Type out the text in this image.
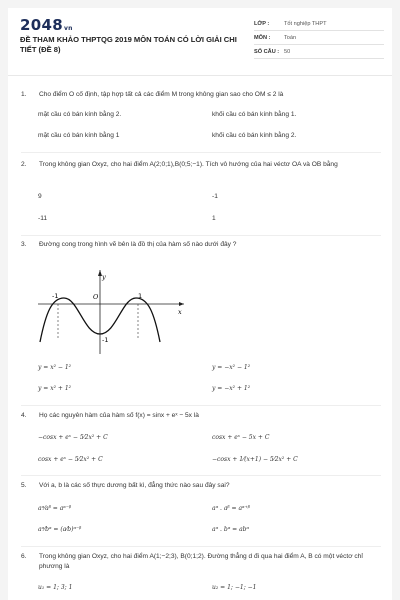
2048vn
ĐỀ THAM KHẢO THPTQG 2019 MÔN TOÁN CÓ LỜI GIẢI CHI TIẾT (ĐỀ 8)
LỚP :	Tốt nghiệp THPT
MÔN :	Toán
SỐ CÂU : 50
1. Cho điểm O cố định, tập hợp tất cả các điểm M trong không gian sao cho OM ≤ 2 là
mặt cầu có bán kính bằng 2.	khối cầu có bán kính bằng 1.
mặt cầu có bán kính bằng 1	khối cầu có bán kính bằng 2.
2. Trong không gian Oxyz, cho hai điểm A(2;0;1),B(0;5;−1). Tích vô hướng của hai véctơ OA và OB bằng
9	-1
-11	1
3. Đường cong trong hình vẽ bên là đồ thị của hàm số nào dưới đây ?
y
x
O
-1	1
-1
y = x² − 1²	y = −x² − 1²
y = x² + 1²	y = −x² + 1²
4. Họ các nguyên hàm của hàm số f(x) = sinx + eˣ − 5x là
−cosx + eˣ − 5⁄2x² + C	cosx + eˣ − 5x + C
cosx + eˣ − 5⁄2x² + C	−cosx + 1⁄(x+1) − 5⁄2x² + C
5. Với a, b là các số thực dương bất kì, đẳng thức nào sau đây sai?
aᵅ⁄aᵝ = aᵅ⁻ᵝ	aᵅ . aᵝ = aᵅ⁺ᵝ
aᵅ⁄bᵅ = (a⁄b)ᵅ⁻ᵝ	aᵅ . bᵅ = abᵅ
6. Trong không gian Oxyz, cho hai điểm A(1;−2;3), B(0;1;2). Đường thẳng d đi qua hai điểm A, B có một véctơ chỉ phương là
u₁ = 1; 3; 1	u₂ = 1; −1; −1
